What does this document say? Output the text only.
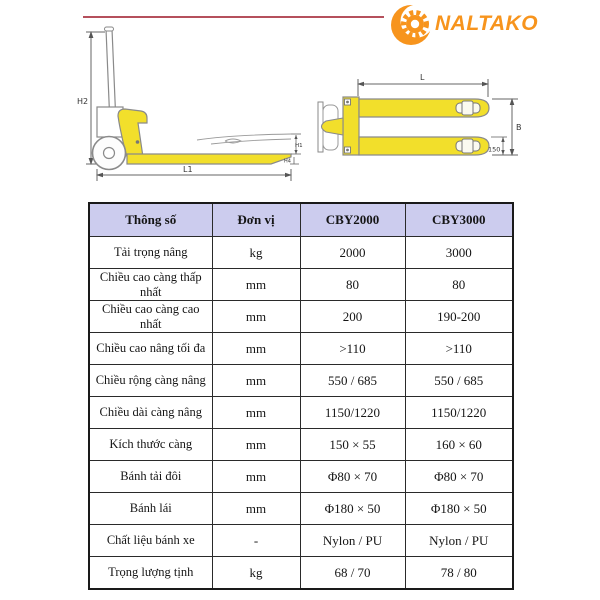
NALTAKO
H2
L1
H1
H4
L
B
150
Thông số	Đơn vị	CBY2000	CBY3000
Tải trọng nâng	kg	2000	3000
Chiều cao càng thấp nhất	mm	80	80
Chiều cao càng cao nhất	mm	200	190-200
Chiều cao nâng tối đa	mm	>110	>110
Chiều rộng càng nâng	mm	550 / 685	550 / 685
Chiều dài càng nâng	mm	1150/1220	1150/1220
Kích thước càng	mm	150 × 55	160 × 60
Bánh tải đôi	mm	Φ80 × 70	Φ80 × 70
Bánh lái	mm	Φ180 × 50	Φ180 × 50
Chất liệu bánh xe	-	Nylon / PU	Nylon / PU
Trọng lượng tịnh	kg	68 / 70	78 / 80
